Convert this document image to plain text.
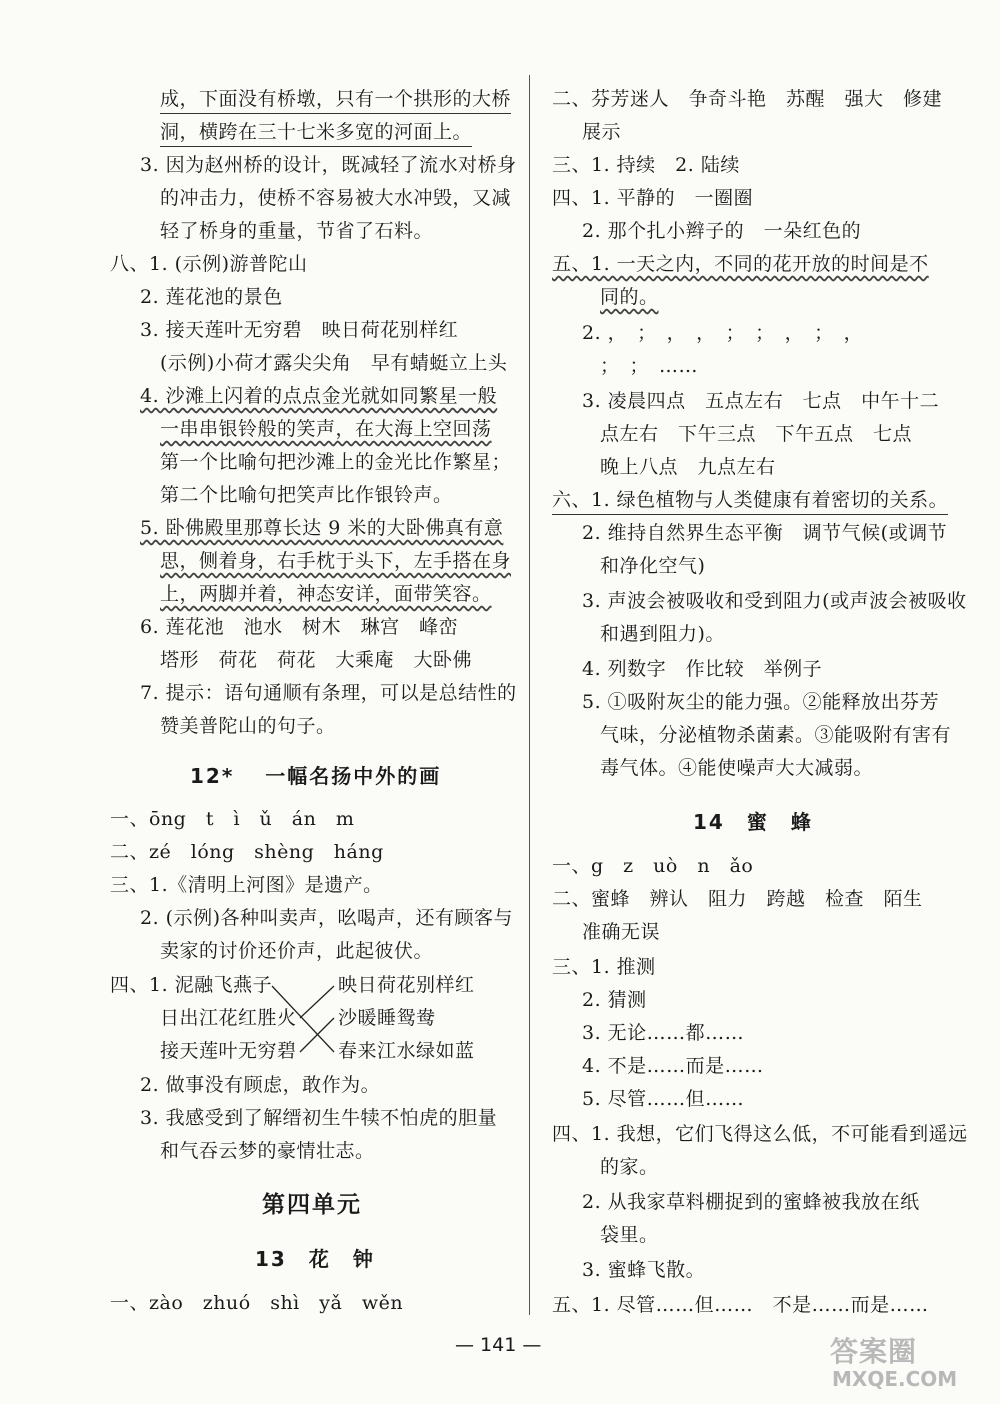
成，下面没有桥墩，只有一个拱形的大桥
洞，横跨在三十七米多宽的河面上。
3. 因为赵州桥的设计，既减轻了流水对桥身
的冲击力，使桥不容易被大水冲毁，又减
轻了桥身的重量，节省了石料。
八、1. (示例)游普陀山
2. 莲花池的景色
3. 接天莲叶无穷碧　映日荷花别样红
(示例)小荷才露尖尖角　早有蜻蜓立上头
4. 沙滩上闪着的点点金光就如同繁星一般
一串串银铃般的笑声，在大海上空回荡
第一个比喻句把沙滩上的金光比作繁星；
第二个比喻句把笑声比作银铃声。
5. 卧佛殿里那尊长达 9 米的大卧佛真有意
思，侧着身，右手枕于头下，左手搭在身
上，两脚并着，神态安详，面带笑容。
6. 莲花池　池水　树木　琳宫　峰峦
塔形　荷花　荷花　大乘庵　大卧佛
7. 提示：语句通顺有条理，可以是总结性的
赞美普陀山的句子。
12* 　一幅名扬中外的画
一、ōng　t　ì　ǔ　án　m
二、zé　lóng　shèng　háng
三、1.《清明上河图》是遗产。
2. (示例)各种叫卖声，吆喝声，还有顾客与
卖家的讨价还价声，此起彼伏。
四、1. 泥融飞燕子	映日荷花别样红
日出江花红胜火 沙暖睡鸳鸯
接天莲叶无穷碧 春来江水绿如蓝
2. 做事没有顾虑，敢作为。
3. 我感受到了解缙初生牛犊不怕虎的胆量
和气吞云梦的豪情壮志。
第四单元
13　花　钟
一、zào　zhuó　shì　yǎ　wěn
二、芬芳迷人　争奇斗艳　苏醒　强大　修建
展示
三、1. 持续　2. 陆续
四、1. 平静的　一圈圈
2. 那个扎小辫子的　一朵红色的
五、1. 一天之内，不同的花开放的时间是不
同的。
2. ，　；　，　，　；　；　，　；　，
；　；　……
3. 凌晨四点　五点左右　七点　中午十二
点左右　下午三点　下午五点　七点
晚上八点　九点左右
六、1. 绿色植物与人类健康有着密切的关系。
2. 维持自然界生态平衡　调节气候(或调节
和净化空气)
3. 声波会被吸收和受到阻力(或声波会被吸收
和遇到阻力)。
4. 列数字　作比较　举例子
5. ①吸附灰尘的能力强。②能释放出芬芳
气味，分泌植物杀菌素。③能吸附有害有
毒气体。④能使噪声大大减弱。
14　蜜　蜂
一、g　z　uò　n　ǎo
二、蜜蜂　辨认　阻力　跨越　检查　陌生
准确无误
三、1. 推测
2. 猜测
3. 无论……都……
4. 不是……而是……
5. 尽管……但……
四、1. 我想，它们飞得这么低，不可能看到遥远
的家。
2. 从我家草料棚捉到的蜜蜂被我放在纸
袋里。
3. 蜜蜂飞散。
五、1. 尽管……但……　不是……而是……
— 141 —	答案圈
MXQE.COM
